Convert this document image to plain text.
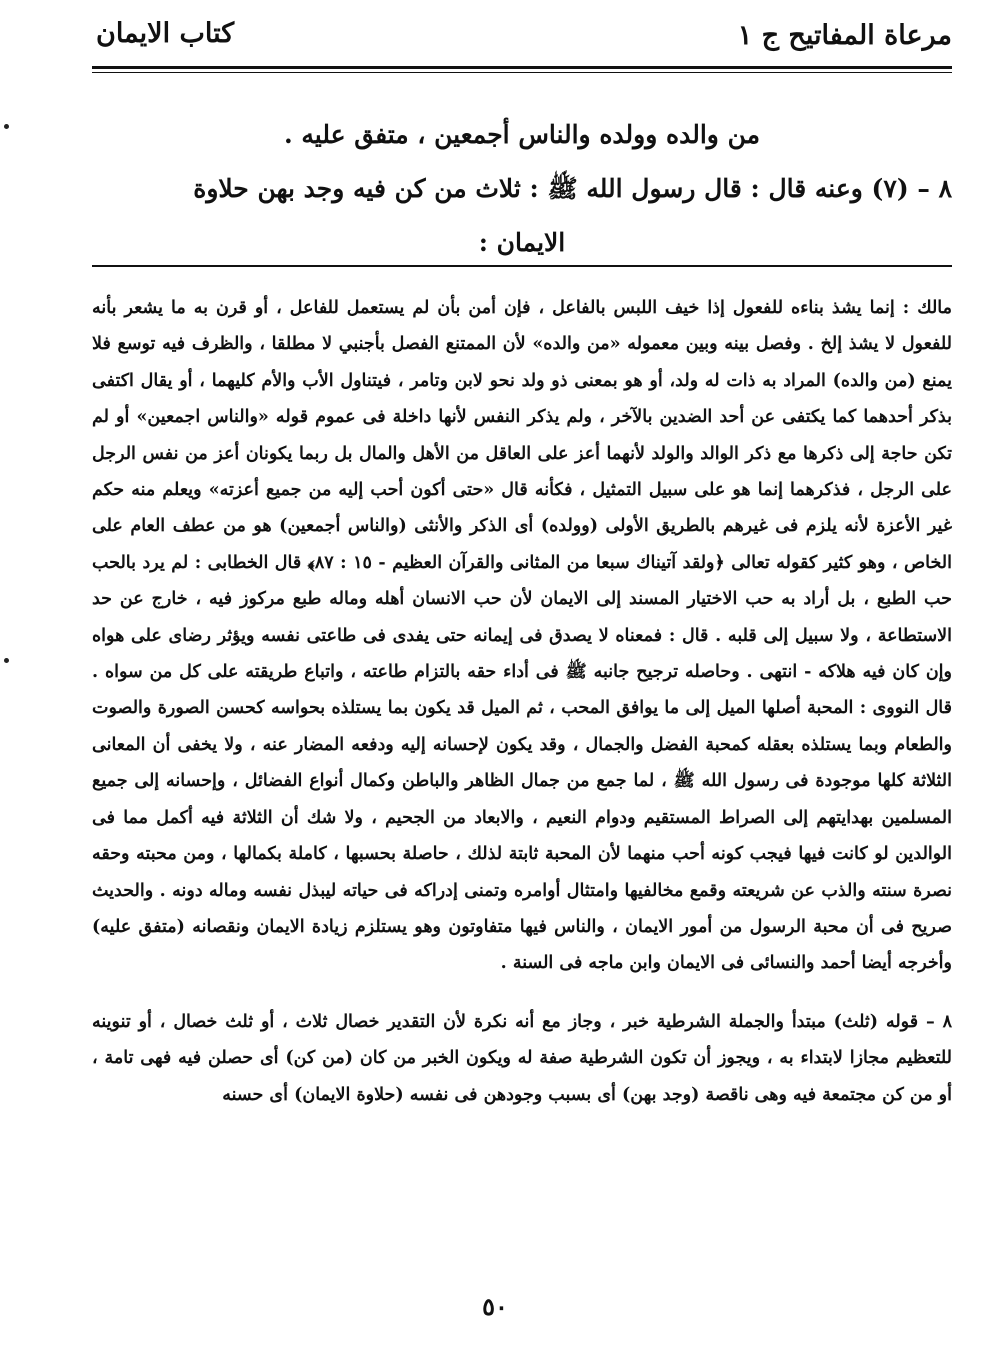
مرعاة المفاتيح ج ١
كتاب الايمان

من والده وولده والناس أجمعين ، متفق عليه .

٨ – (٧) وعنه قال : قال رسول الله ﷺ : ثلاث من كن فيه وجد بهن حلاوة

الايمان :

مالك : إنما يشذ بناءه للفعول إذا خيف اللبس بالفاعل ، فإن أمن بأن لم يستعمل للفاعل ، أو قرن به ما يشعر بأنه للفعول لا يشذ إلخ . وفصل بينه وبين معموله «من والده» لأن الممتنع الفصل بأجنبي لا مطلقا ، والظرف فيه توسع فلا يمنع (من والده) المراد به ذات له ولد، أو هو بمعنى ذو ولد نحو لابن وتامر ، فيتناول الأب والأم كليهما ، أو يقال اكتفى بذكر أحدهما كما يكتفى عن أحد الضدين بالآخر ، ولم يذكر النفس لأنها داخلة فى عموم قوله «والناس اجمعين» أو لم تكن حاجة إلى ذكرها مع ذكر الوالد والولد لأنهما أعز على العاقل من الأهل والمال بل ربما يكونان أعز من نفس الرجل على الرجل ، فذكرهما إنما هو على سبيل التمثيل ، فكأنه قال «حتى أكون أحب إليه من جميع أعزته» ويعلم منه حكم غير الأعزة لأنه يلزم فى غيرهم بالطريق الأولى (وولده) أى الذكر والأنثى (والناس أجمعين) هو من عطف العام على الخاص ، وهو كثير كقوله تعالى ﴿ولقد آتيناك سبعا من المثانى والقرآن العظيم - ١٥ : ٨٧﴾ قال الخطابى : لم يرد بالحب حب الطبع ، بل أراد به حب الاختيار المسند إلى الايمان لأن حب الانسان أهله وماله طبع مركوز فيه ، خارج عن حد الاستطاعة ، ولا سبيل إلى قلبه . قال : فمعناه لا يصدق فى إيمانه حتى يفدى فى طاعتى نفسه ويؤثر رضاى على هواه وإن كان فيه هلاكه - انتهى . وحاصله ترجيح جانبه ﷺ فى أداء حقه بالتزام طاعته ، واتباع طريقته على كل من سواه . قال النووى : المحبة أصلها الميل إلى ما يوافق المحب ، ثم الميل قد يكون بما يستلذه بحواسه كحسن الصورة والصوت والطعام وبما يستلذه بعقله كمحبة الفضل والجمال ، وقد يكون لإحسانه إليه ودفعه المضار عنه ، ولا يخفى أن المعانى الثلاثة كلها موجودة فى رسول الله ﷺ ، لما جمع من جمال الظاهر والباطن وكمال أنواع الفضائل ، وإحسانه إلى جميع المسلمين بهدايتهم إلى الصراط المستقيم ودوام النعيم ، والابعاد من الجحيم ، ولا شك أن الثلاثة فيه أكمل مما فى الوالدين لو كانت فيها فيجب كونه أحب منهما لأن المحبة ثابتة لذلك ، حاصلة بحسبها ، كاملة بكمالها ، ومن محبته وحقه نصرة سنته والذب عن شريعته وقمع مخالفيها وامتثال أوامره وتمنى إدراكه فى حياته ليبذل نفسه وماله دونه . والحديث صريح فى أن محبة الرسول من أمور الايمان ، والناس فيها متفاوتون وهو يستلزم زيادة الايمان ونقصانه (متفق عليه) وأخرجه أيضا أحمد والنسائى فى الايمان وابن ماجه فى السنة .

٨ – قوله (ثلث) مبتدأ والجملة الشرطية خبر ، وجاز مع أنه نكرة لأن التقدير خصال ثلاث ، أو ثلث خصال ، أو تنوينه للتعظيم مجازا لابتداء به ، ويجوز أن تكون الشرطية صفة له ويكون الخبر من كان (من كن) أى حصلن فيه فهى تامة ، أو من كن مجتمعة فيه وهى ناقصة (وجد بهن) أى بسبب وجودهن فى نفسه (حلاوة الايمان) أى حسنه

٥٠
